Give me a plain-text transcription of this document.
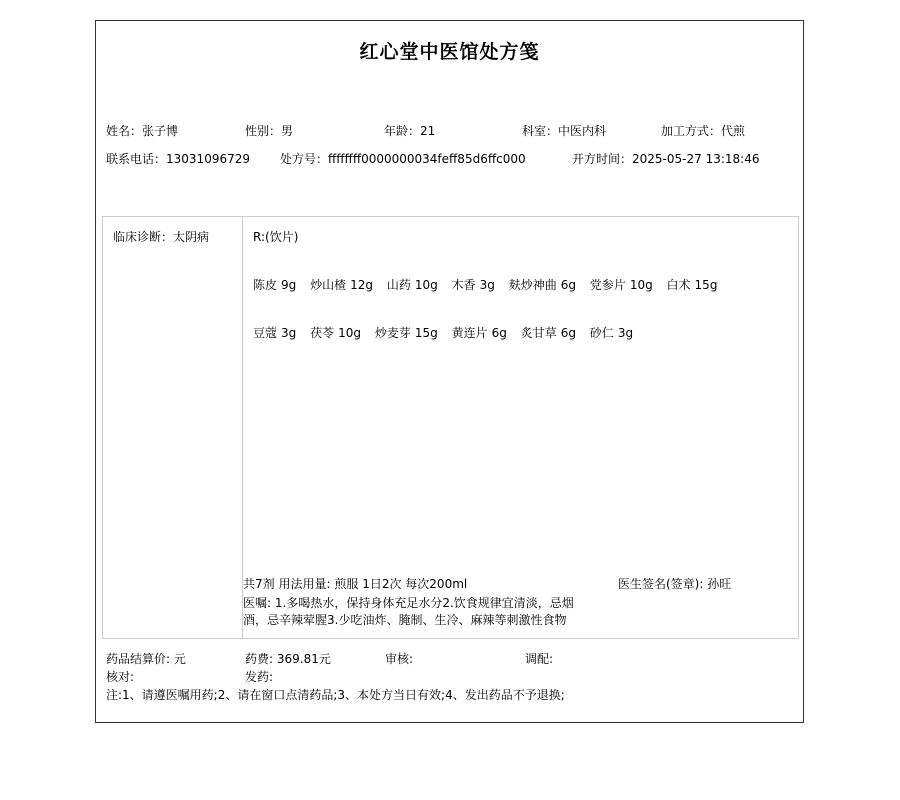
红心堂中医馆处方笺
姓名：张子博	性别：男	年龄：21	科室：中医内科	加工方式：代煎
联系电话：13031096729	处方号：ffffffff0000000034feff85d6ffc000	开方时间：2025-05-27 13:18:46
临床诊断：太阴病	R:(饮片)
陈皮 9g 炒山楂 12g 山药 10g 木香 3g 麸炒神曲 6g 党参片 10g 白术 15g
豆蔻 3g 茯苓 10g 炒麦芽 15g 黄连片 6g 炙甘草 6g 砂仁 3g
共7剂 用法用量: 煎服 1日2次 每次200ml	医生签名(签章): 孙旺
医嘱: 1.多喝热水，保持身体充足水分2.饮食规律宜清淡，忌烟酒，忌辛辣荤腥3.少吃油炸、腌制、生冷、麻辣等刺激性食物
药品结算价: 元	药费: 369.81元	审核:	调配:
核对:	发药:
注:1、请遵医嘱用药;2、请在窗口点清药品;3、本处方当日有效;4、发出药品不予退换;
